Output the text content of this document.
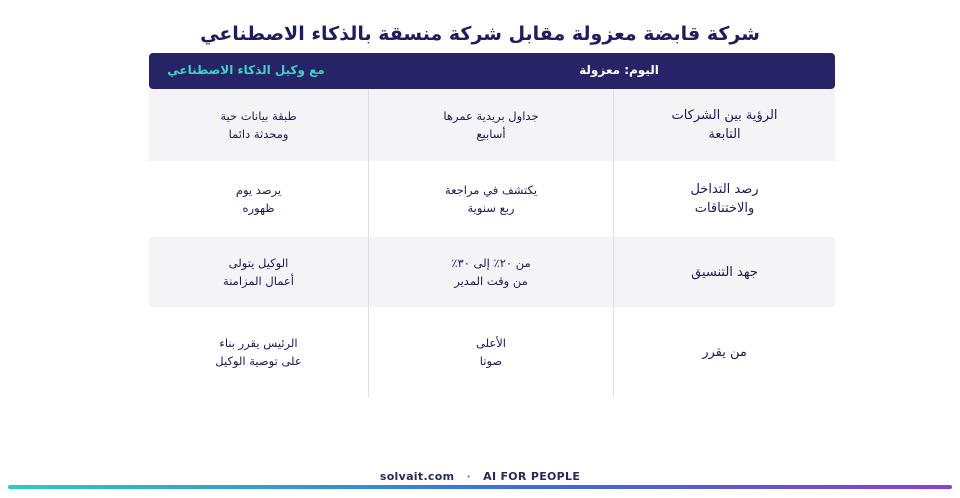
شركة قابضة معزولة مقابل شركة منسقة بالذكاء الاصطناعي
اليوم: معزولة
مع وكيل الذكاء الاصطناعي
الرؤية بين الشركات التابعة
جداول بريدية عمرها أسابيع
طبقة بيانات حية ومحدثة دائما
رصد التداخل والاختناقات
يكتشف في مراجعة ربع سنوية
يرصد يوم ظهوره
جهد التنسيق
من ٢٠٪ إلى ٣٠٪ من وقت المدير
الوكيل يتولى أعمال المزامنة
من يقرر
الأعلى صوتا
الرئيس يقرر بناء على توصية الوكيل
solvait.com · AI FOR PEOPLE
